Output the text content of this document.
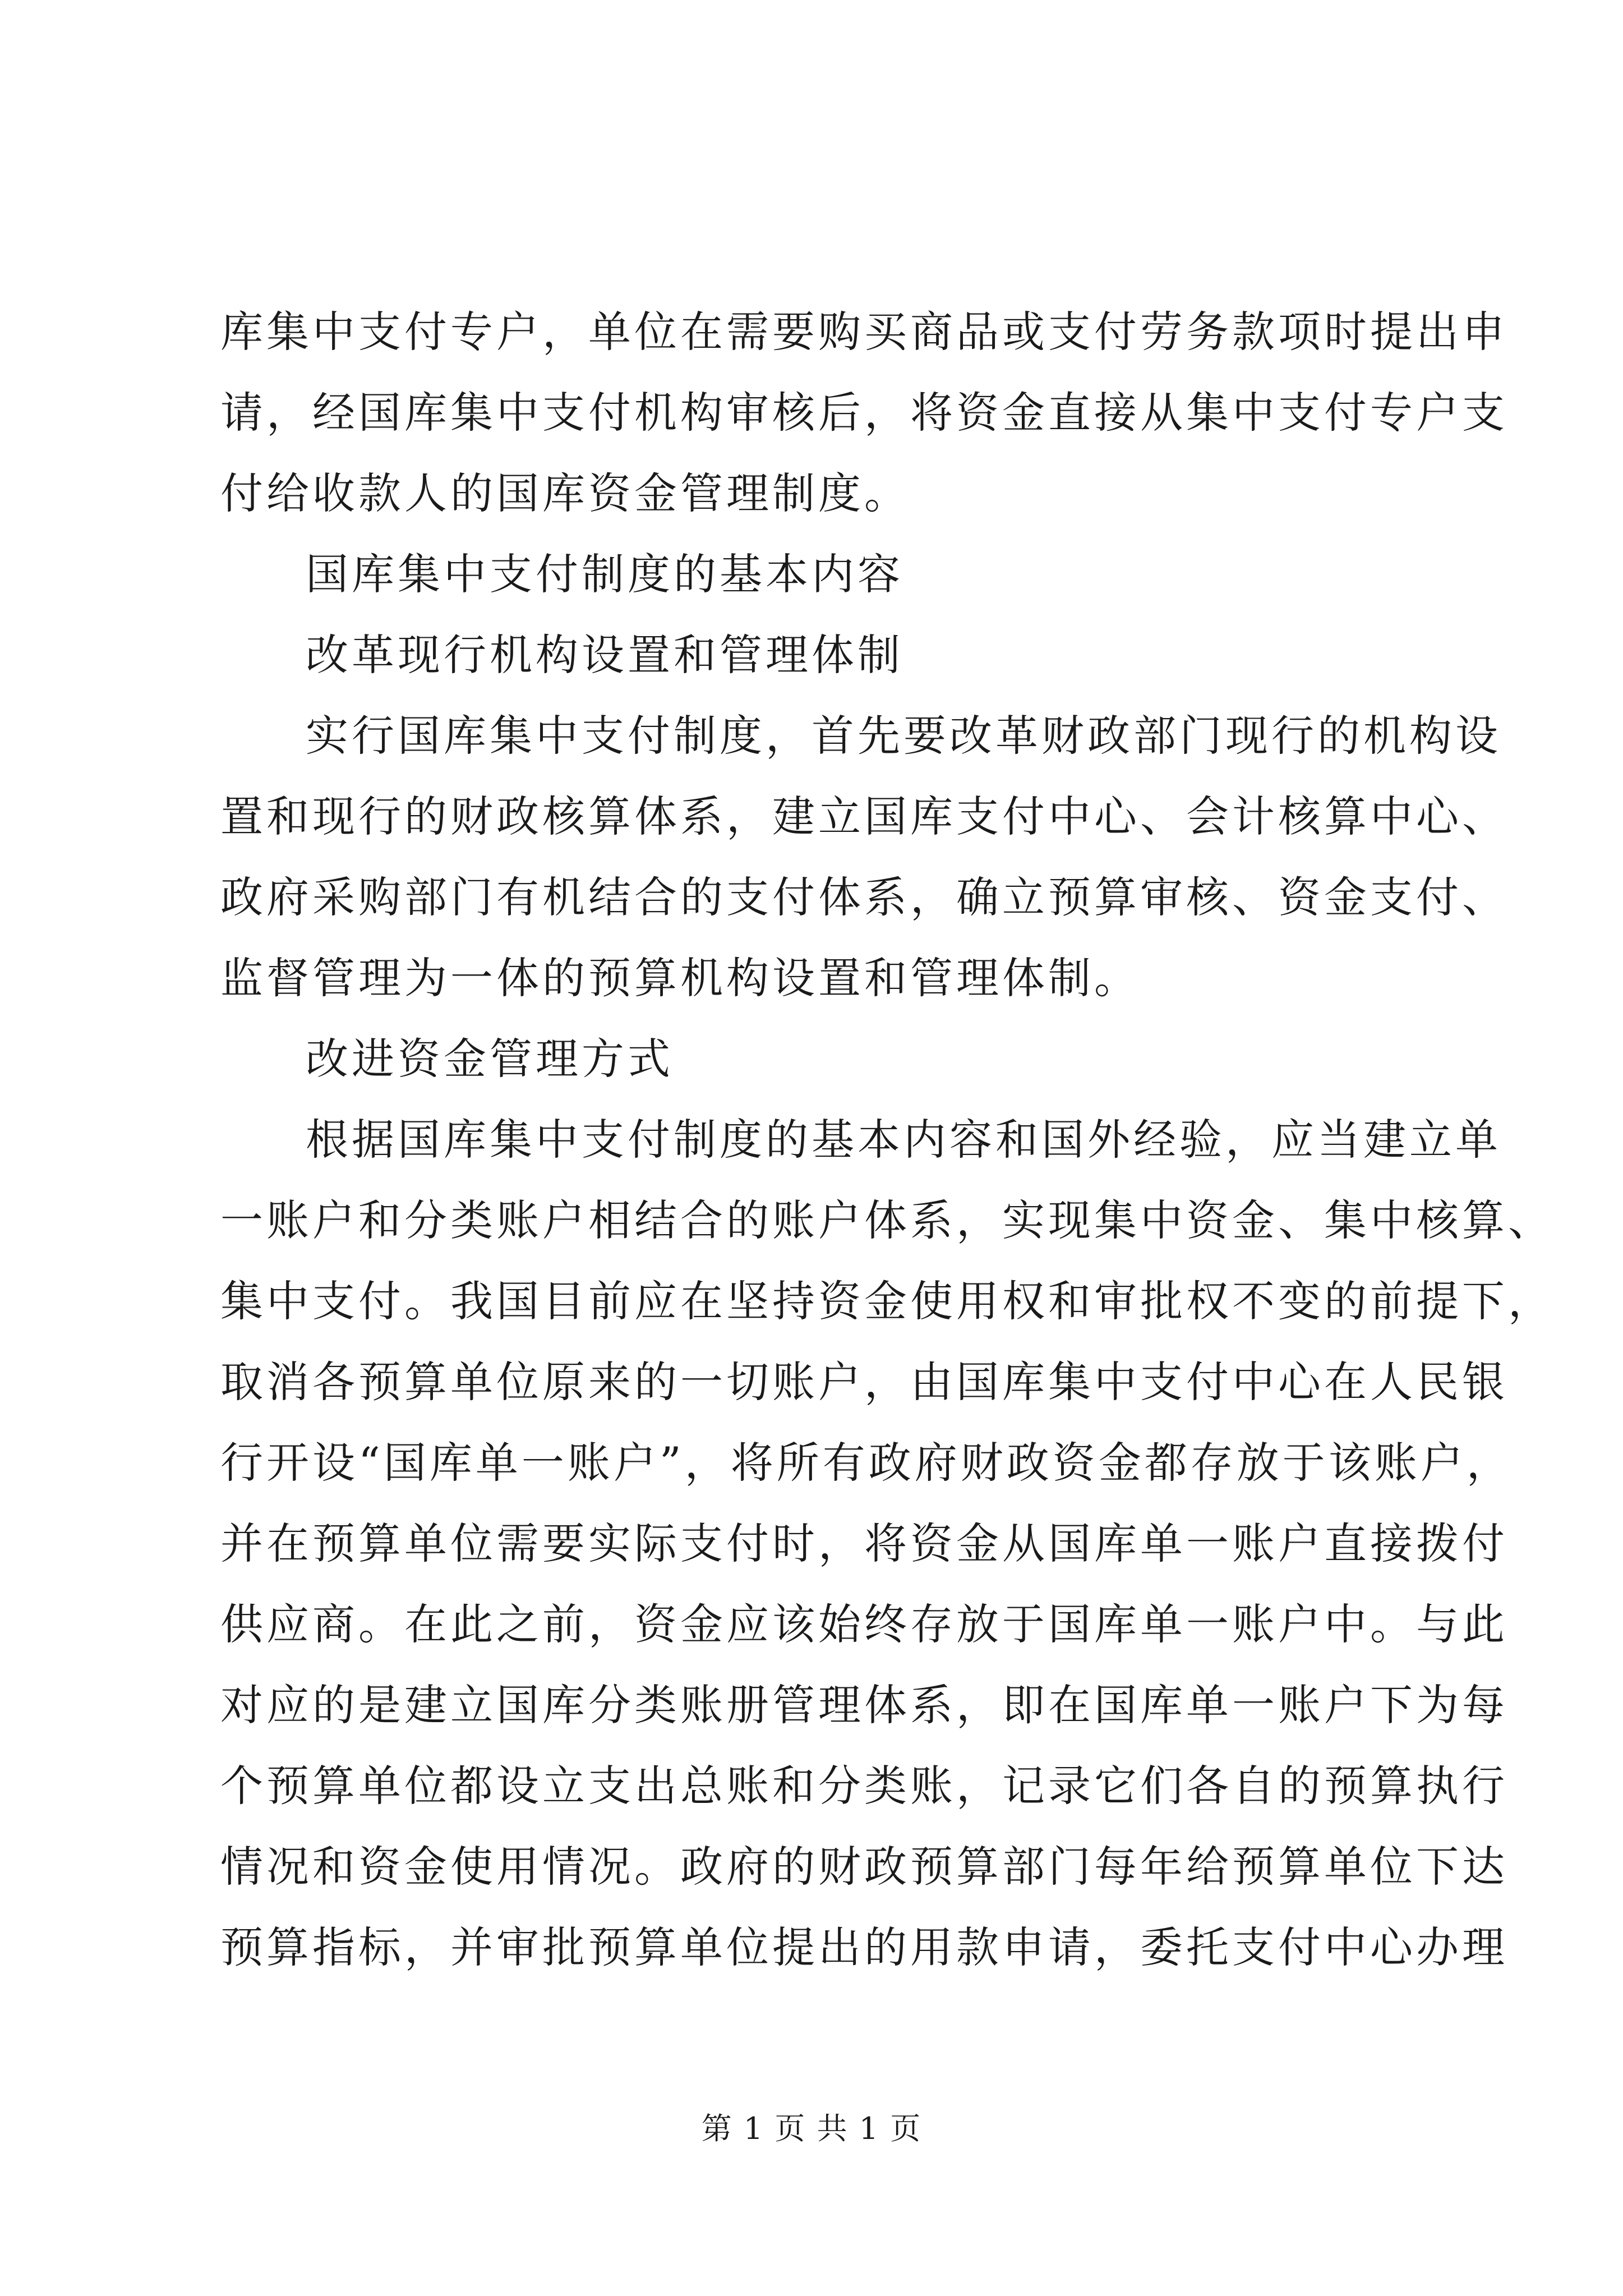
库集中支付专户，单位在需要购买商品或支付劳务款项时提出申
请，经国库集中支付机构审核后，将资金直接从集中支付专户支
付给收款人的国库资金管理制度。
国库集中支付制度的基本内容
改革现行机构设置和管理体制
实行国库集中支付制度，首先要改革财政部门现行的机构设
置和现行的财政核算体系，建立国库支付中心、会计核算中心、
政府采购部门有机结合的支付体系，确立预算审核、资金支付、
监督管理为一体的预算机构设置和管理体制。
改进资金管理方式
根据国库集中支付制度的基本内容和国外经验，应当建立单
一账户和分类账户相结合的账户体系，实现集中资金、集中核算、
集中支付。我国目前应在坚持资金使用权和审批权不变的前提下，
取消各预算单位原来的一切账户，由国库集中支付中心在人民银
行开设“国库单一账户”，将所有政府财政资金都存放于该账户，
并在预算单位需要实际支付时，将资金从国库单一账户直接拨付
供应商。在此之前，资金应该始终存放于国库单一账户中。与此
对应的是建立国库分类账册管理体系，即在国库单一账户下为每
个预算单位都设立支出总账和分类账，记录它们各自的预算执行
情况和资金使用情况。政府的财政预算部门每年给预算单位下达
预算指标，并审批预算单位提出的用款申请，委托支付中心办理
第 1 页 共 1 页
